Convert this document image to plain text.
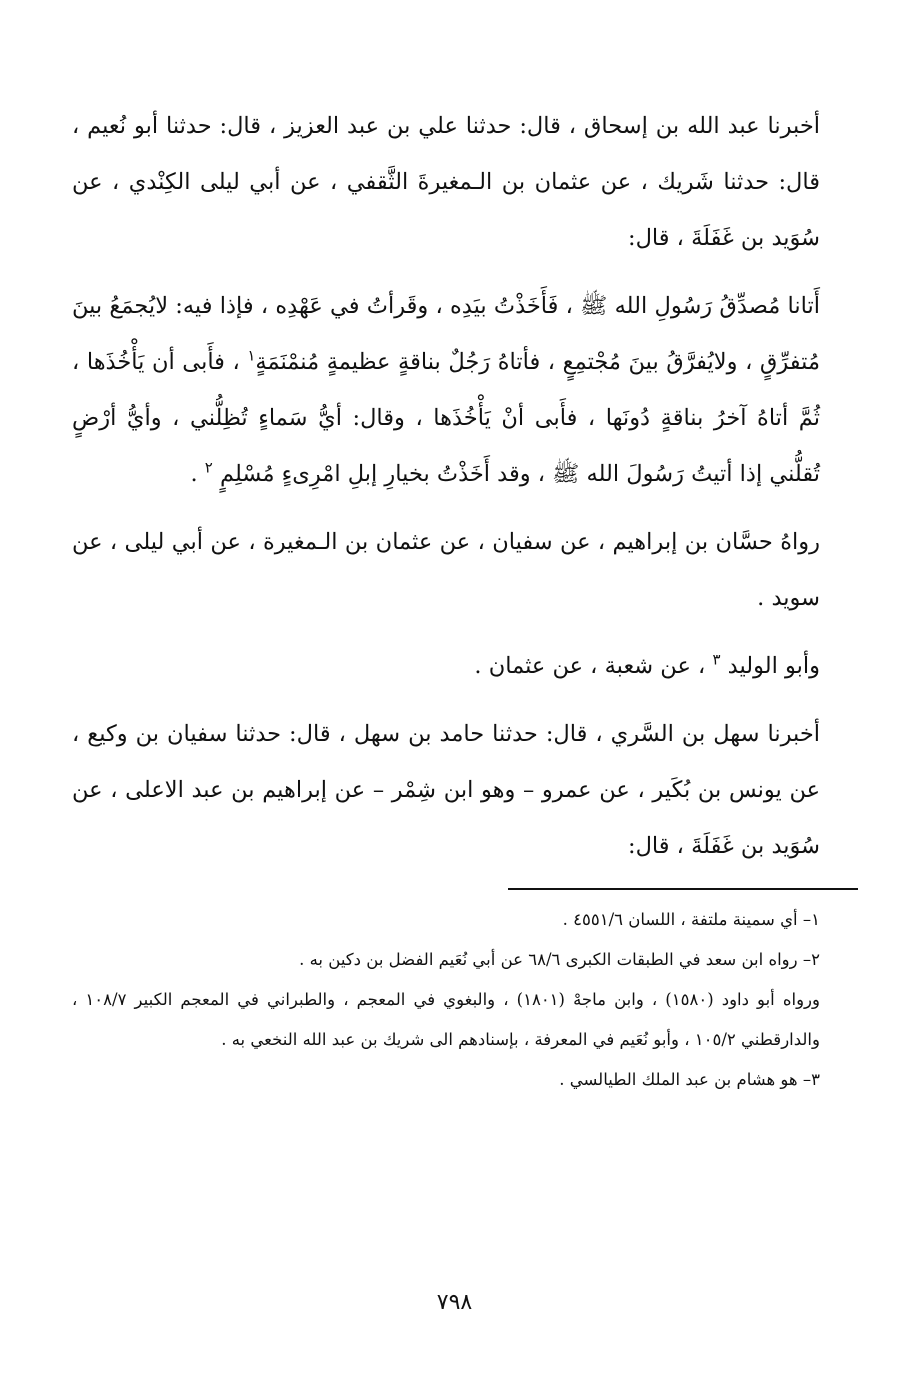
أخبرنا عبد الله بن إسحاق ، قال: حدثنا علي بن عبد العزيز ، قال: حدثنا أبو نُعيم ، قال: حدثنا شَريك ، عن عثمان بن الـمغيرةَ الثَّقفي ، عن أبي ليلى الكِنْدي ، عن سُوَيد بن غَفَلَةَ ، قال:

أَتانا مُصدِّقُ رَسُولِ الله ﷺ ، فَأَخَذْتُ بيَدِه ، وقَرأتُ في عَهْدِه ، فإذا فيه: لايُجمَعُ بينَ مُتفرِّقٍ ، ولايُفرَّقُ بينَ مُجْتمِعٍ ، فأتاهُ رَجُلٌ بناقةٍ عظيمةٍ مُنمْنَمَةٍ$^١$ ، فأَبى أن يَأْخُذَها ، ثُمَّ أتاهُ آخرُ بناقةٍ دُونَها ، فأَبى أنْ يَأْخُذَها ، وقال: أيُّ سَماءٍ تُظِلُّني ، وأيُّ أرْضٍ تُقلُّني إذا أتيتُ رَسُولَ الله ﷺ ، وقد أَخَذْتُ بخيارِ إبلِ امْرِىءٍ مُسْلِمٍ $^٢$ .

رواهُ حسَّان بن إبراهيم ، عن سفيان ، عن عثمان بن الـمغيرة ، عن أبي ليلى ، عن سويد .

وأبو الوليد $^٣$ ، عن شعبة ، عن عثمان .

أخبرنا سهل بن السَّري ، قال: حدثنا حامد بن سهل ، قال: حدثنا سفيان بن وكيع ، عن يونس بن بُكَير ، عن عمرو – وهو ابن شِمْر – عن إبراهيم بن عبد الاعلى ، عن سُوَيد بن غَفَلَةَ ، قال:

١– أي سمينة ملتفة ، اللسان ٤٥٥١/٦ .

٢– رواه ابن سعد في الطبقات الكبرى ٦٨/٦ عن أبي نُعَيم الفضل بن دكين به .

ورواه أبو داود (١٥٨٠) ، وابن ماجهْ (١٨٠١) ، والبغوي في المعجم ، والطبراني في المعجم الكبير ١٠٨/٧ ، والدارقطني ١٠٥/٢ ، وأبو نُعَيم في المعرفة ، بإسنادهم الى شريك بن عبد الله النخعي به .

٣– هو هشام بن عبد الملك الطيالسي .

٧٩٨
